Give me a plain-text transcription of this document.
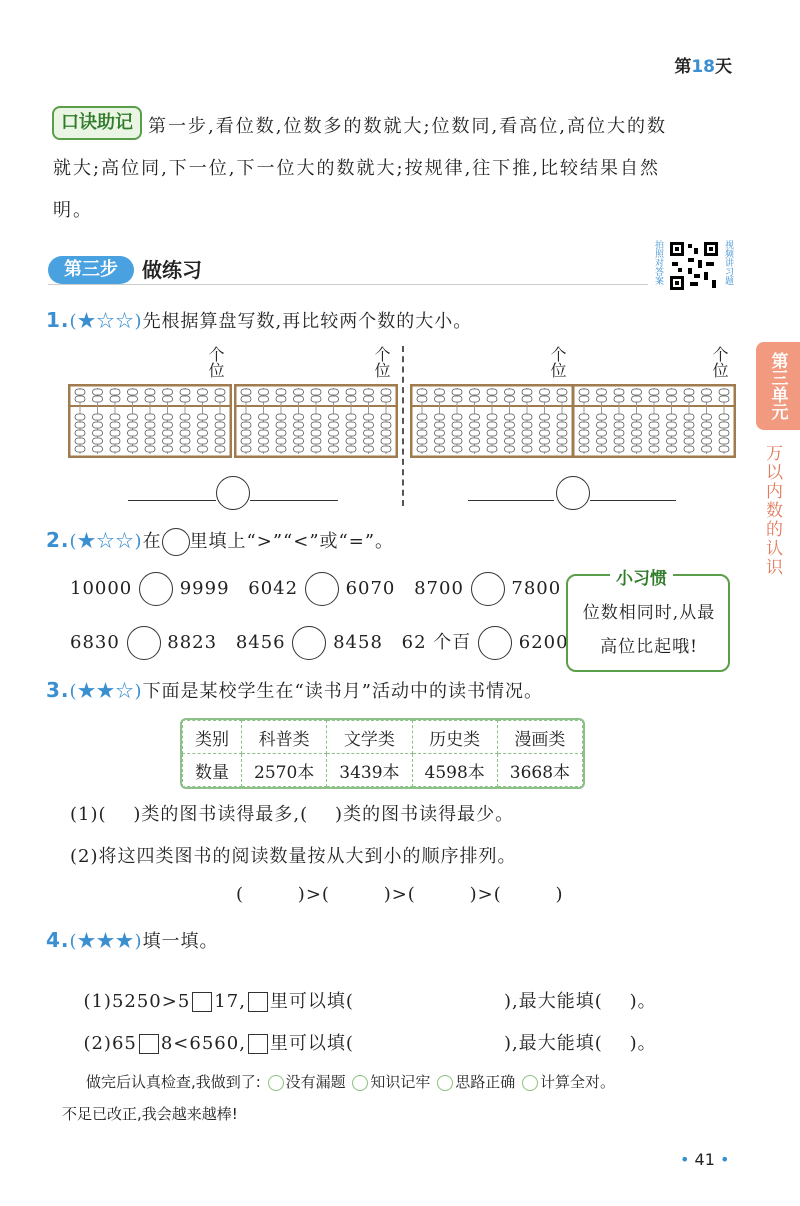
第18天
口诀助记 第一步,看位数,位数多的数就大;位数同,看高位,高位大的数
就大;高位同,下一位,下一位大的数就大;按规律,往下推,比较结果自然
明。
第三步	做练习	拍照对答案	视频讲习题
第三单元
万以内数的认识
1.(★☆☆)先根据算盘写数,再比较两个数的大小。
个位	个位	个位	个位
2.(★☆☆)在 里填上“>”“<”或“=”。
10000	9999 6042	6070 8700	7800
6830	8823 8456	8458 62 个百	6200
小习惯
位数相同时,从最高位比起哦!
3.(★★☆)下面是某校学生在“读书月”活动中的读书情况。
类别	科普类	文学类	历史类	漫画类
数量	2570本	3439本	4598本	3668本
(1)(    )类的图书读得最多,(    )类的图书读得最少。
(2)将这四类图书的阅读数量按从大到小的顺序排列。
(        )>(        )>(        )>(        )
4.(★★★)填一填。

(1)5250>5 17, 里可以填(	),最大能填(    )。

(2)65 8<6560, 里可以填(	),最大能填(    )。

做完后认真检查,我做到了: 没有漏题 知识记牢 思路正确 计算全对。
不足已改正,我会越来越棒!
• 41 •
